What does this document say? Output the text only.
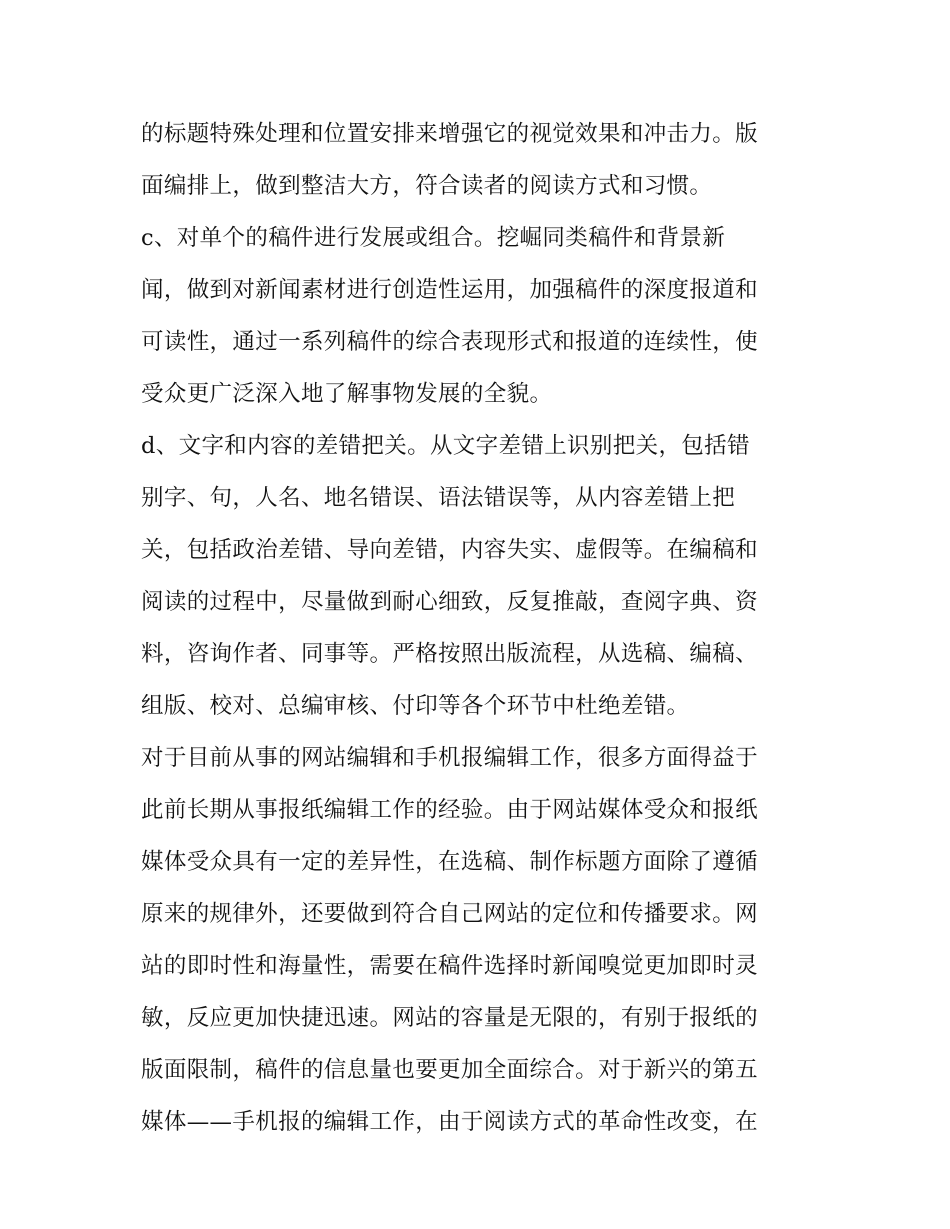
的标题特殊处理和位置安排来增强它的视觉效果和冲击力。版
面编排上，做到整洁大方，符合读者的阅读方式和习惯。
c、对单个的稿件进行发展或组合。挖崛同类稿件和背景新
闻，做到对新闻素材进行创造性运用，加强稿件的深度报道和
可读性，通过一系列稿件的综合表现形式和报道的连续性，使
受众更广泛深入地了解事物发展的全貌。
d、文字和内容的差错把关。从文字差错上识别把关，包括错
别字、句，人名、地名错误、语法错误等，从内容差错上把
关，包括政治差错、导向差错，内容失实、虚假等。在编稿和
阅读的过程中，尽量做到耐心细致，反复推敲，查阅字典、资
料，咨询作者、同事等。严格按照出版流程，从选稿、编稿、
组版、校对、总编审核、付印等各个环节中杜绝差错。
对于目前从事的网站编辑和手机报编辑工作，很多方面得益于
此前长期从事报纸编辑工作的经验。由于网站媒体受众和报纸
媒体受众具有一定的差异性，在选稿、制作标题方面除了遵循
原来的规律外，还要做到符合自己网站的定位和传播要求。网
站的即时性和海量性，需要在稿件选择时新闻嗅觉更加即时灵
敏，反应更加快捷迅速。网站的容量是无限的，有别于报纸的
版面限制，稿件的信息量也要更加全面综合。对于新兴的第五
媒体——手机报的编辑工作，由于阅读方式的革命性改变，在
